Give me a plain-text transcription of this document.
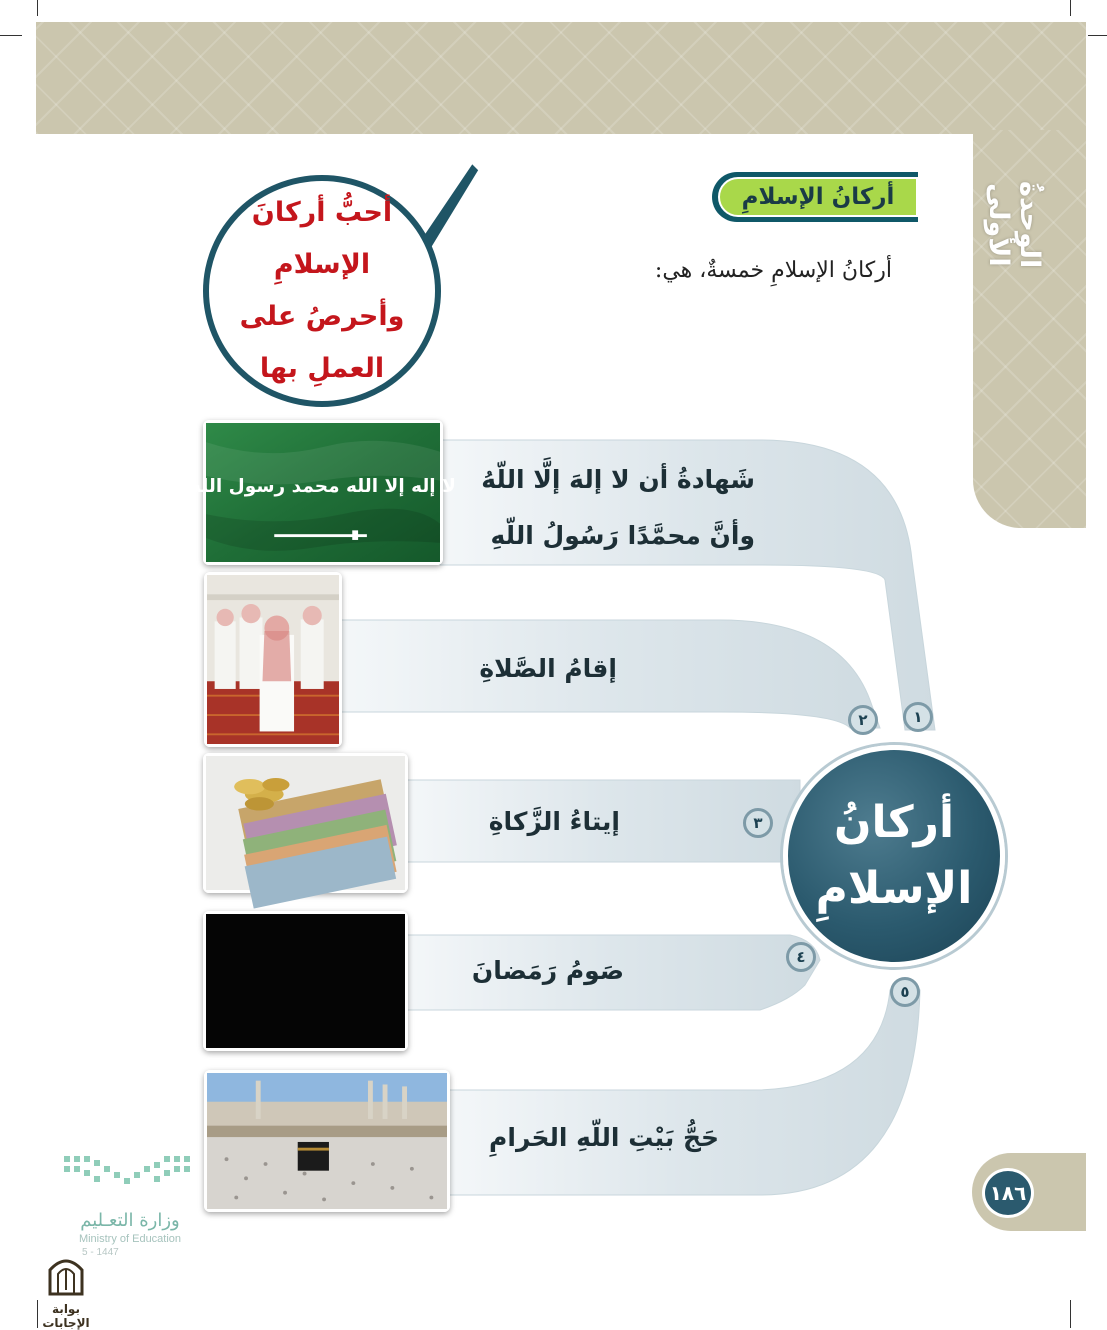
الوحدةُ الأولى
أركانُ الإسلامِ
أركانُ الإسلامِ خمسةٌ، هي:
أحبُّ أركانَ الإسلامِ وأحرصُ على العملِ بها
شَهادةُ أن لا إلهَ إلَّا اللّهُ
وأنَّ محمَّدًا رَسُولُ اللّهِ
إقامُ الصَّلاةِ
إيتاءُ الزَّكاةِ
صَومُ رَمَضانَ
حَجُّ بَيْتِ اللّهِ الحَرامِ
١
٢
٣
٤
٥
أركانُ الإسلامِ
لا إله إلا الله محمد رسول الله
١٨٦
وزارة التعـليم
Ministry of Education
5 - 1447
بوابة الإجابات
